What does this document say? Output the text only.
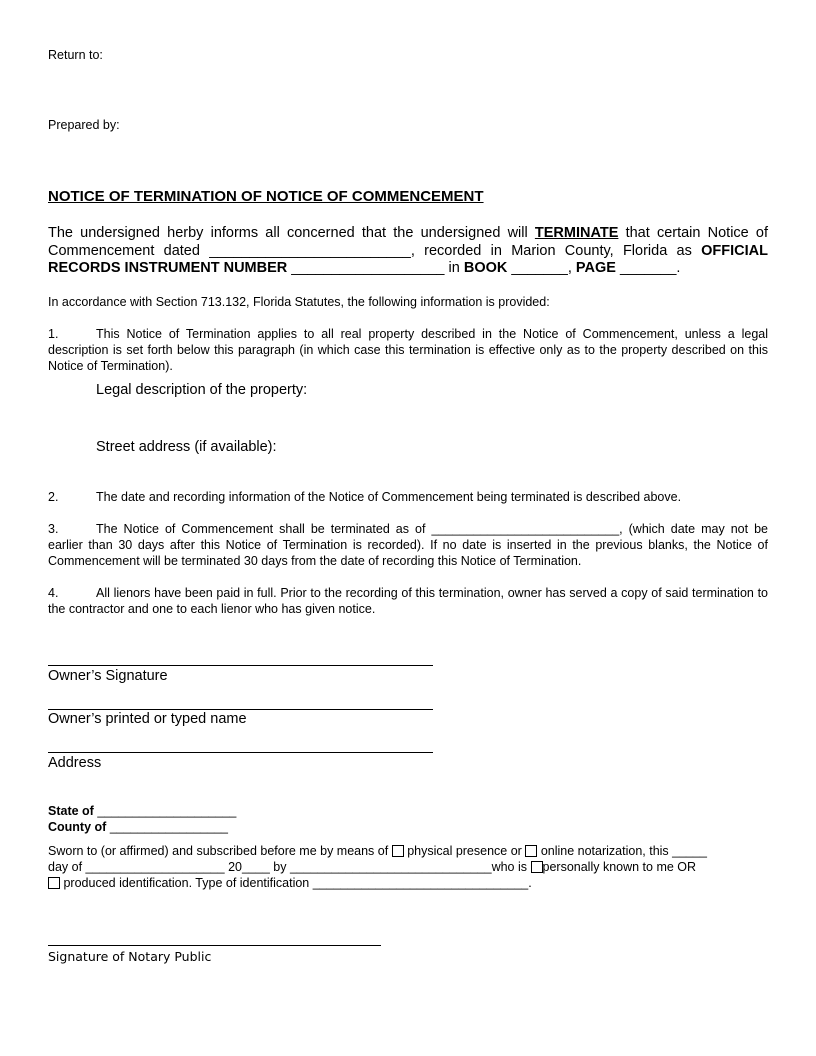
Return to:
Prepared by:
NOTICE OF TERMINATION OF NOTICE OF COMMENCEMENT
The undersigned herby informs all concerned that the undersigned will TERMINATE that certain Notice of Commencement dated _________________________, recorded in Marion County, Florida as OFFICIAL RECORDS INSTRUMENT NUMBER ___________________ in BOOK _______, PAGE _______.
In accordance with Section 713.132, Florida Statutes, the following information is provided:
1.	This Notice of Termination applies to all real property described in the Notice of Commencement, unless a legal description is set forth below this paragraph (in which case this termination is effective only as to the property described on this Notice of Termination).
Legal description of the property:
Street address (if available):
2.	The date and recording information of the Notice of Commencement being terminated is described above.
3.	The Notice of Commencement shall be terminated as of ___________________________, (which date may not be earlier than 30 days after this Notice of Termination is recorded). If no date is inserted in the previous blanks, the Notice of Commencement will be terminated 30 days from the date of recording this Notice of Termination.
4.	All lienors have been paid in full. Prior to the recording of this termination, owner has served a copy of said termination to the contractor and one to each lienor who has given notice.
Owner’s Signature
Owner’s printed or typed name
Address
State of ____________________
County of _________________
Sworn to (or affirmed) and subscribed before me by means of physical presence or online notarization, this _____
day of ____________________ 20____ by _____________________________who is personally known to me OR
produced identification. Type of identification _______________________________.
Signature of Notary Public
